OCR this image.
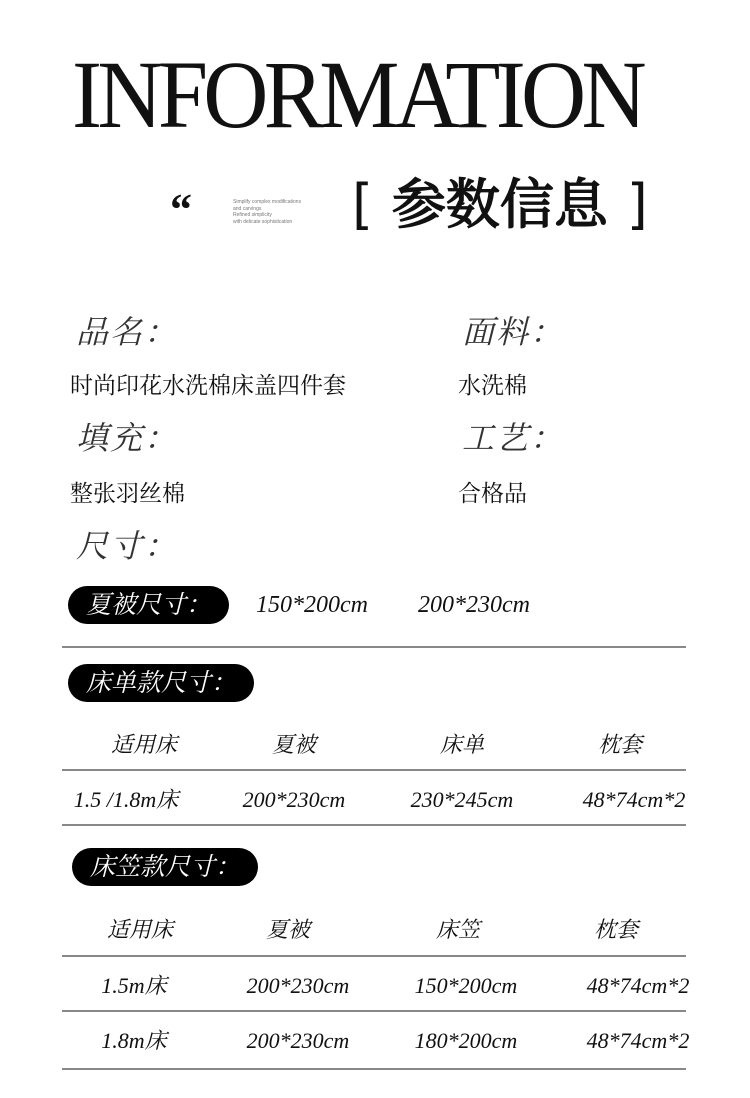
INFORMATION
“	Simplify complex modifications
and carvings
Refined simplicity
with delicate sophistication	[ 参数信息 ]
品名：	面料：
时尚印花水洗棉床盖四件套	水洗棉
填充：	工艺：
整张羽丝棉	合格品
尺寸：
夏被尺寸：	150*200cm 200*230cm
床单款尺寸：
适用床	夏被	床单	枕套
1.5 /1.8m床	200*230cm	230*245cm	48*74cm*2
床笠款尺寸：
适用床	夏被	床笠	枕套
1.5m床	200*230cm	150*200cm	48*74cm*2
1.8m床	200*230cm	180*200cm	48*74cm*2
